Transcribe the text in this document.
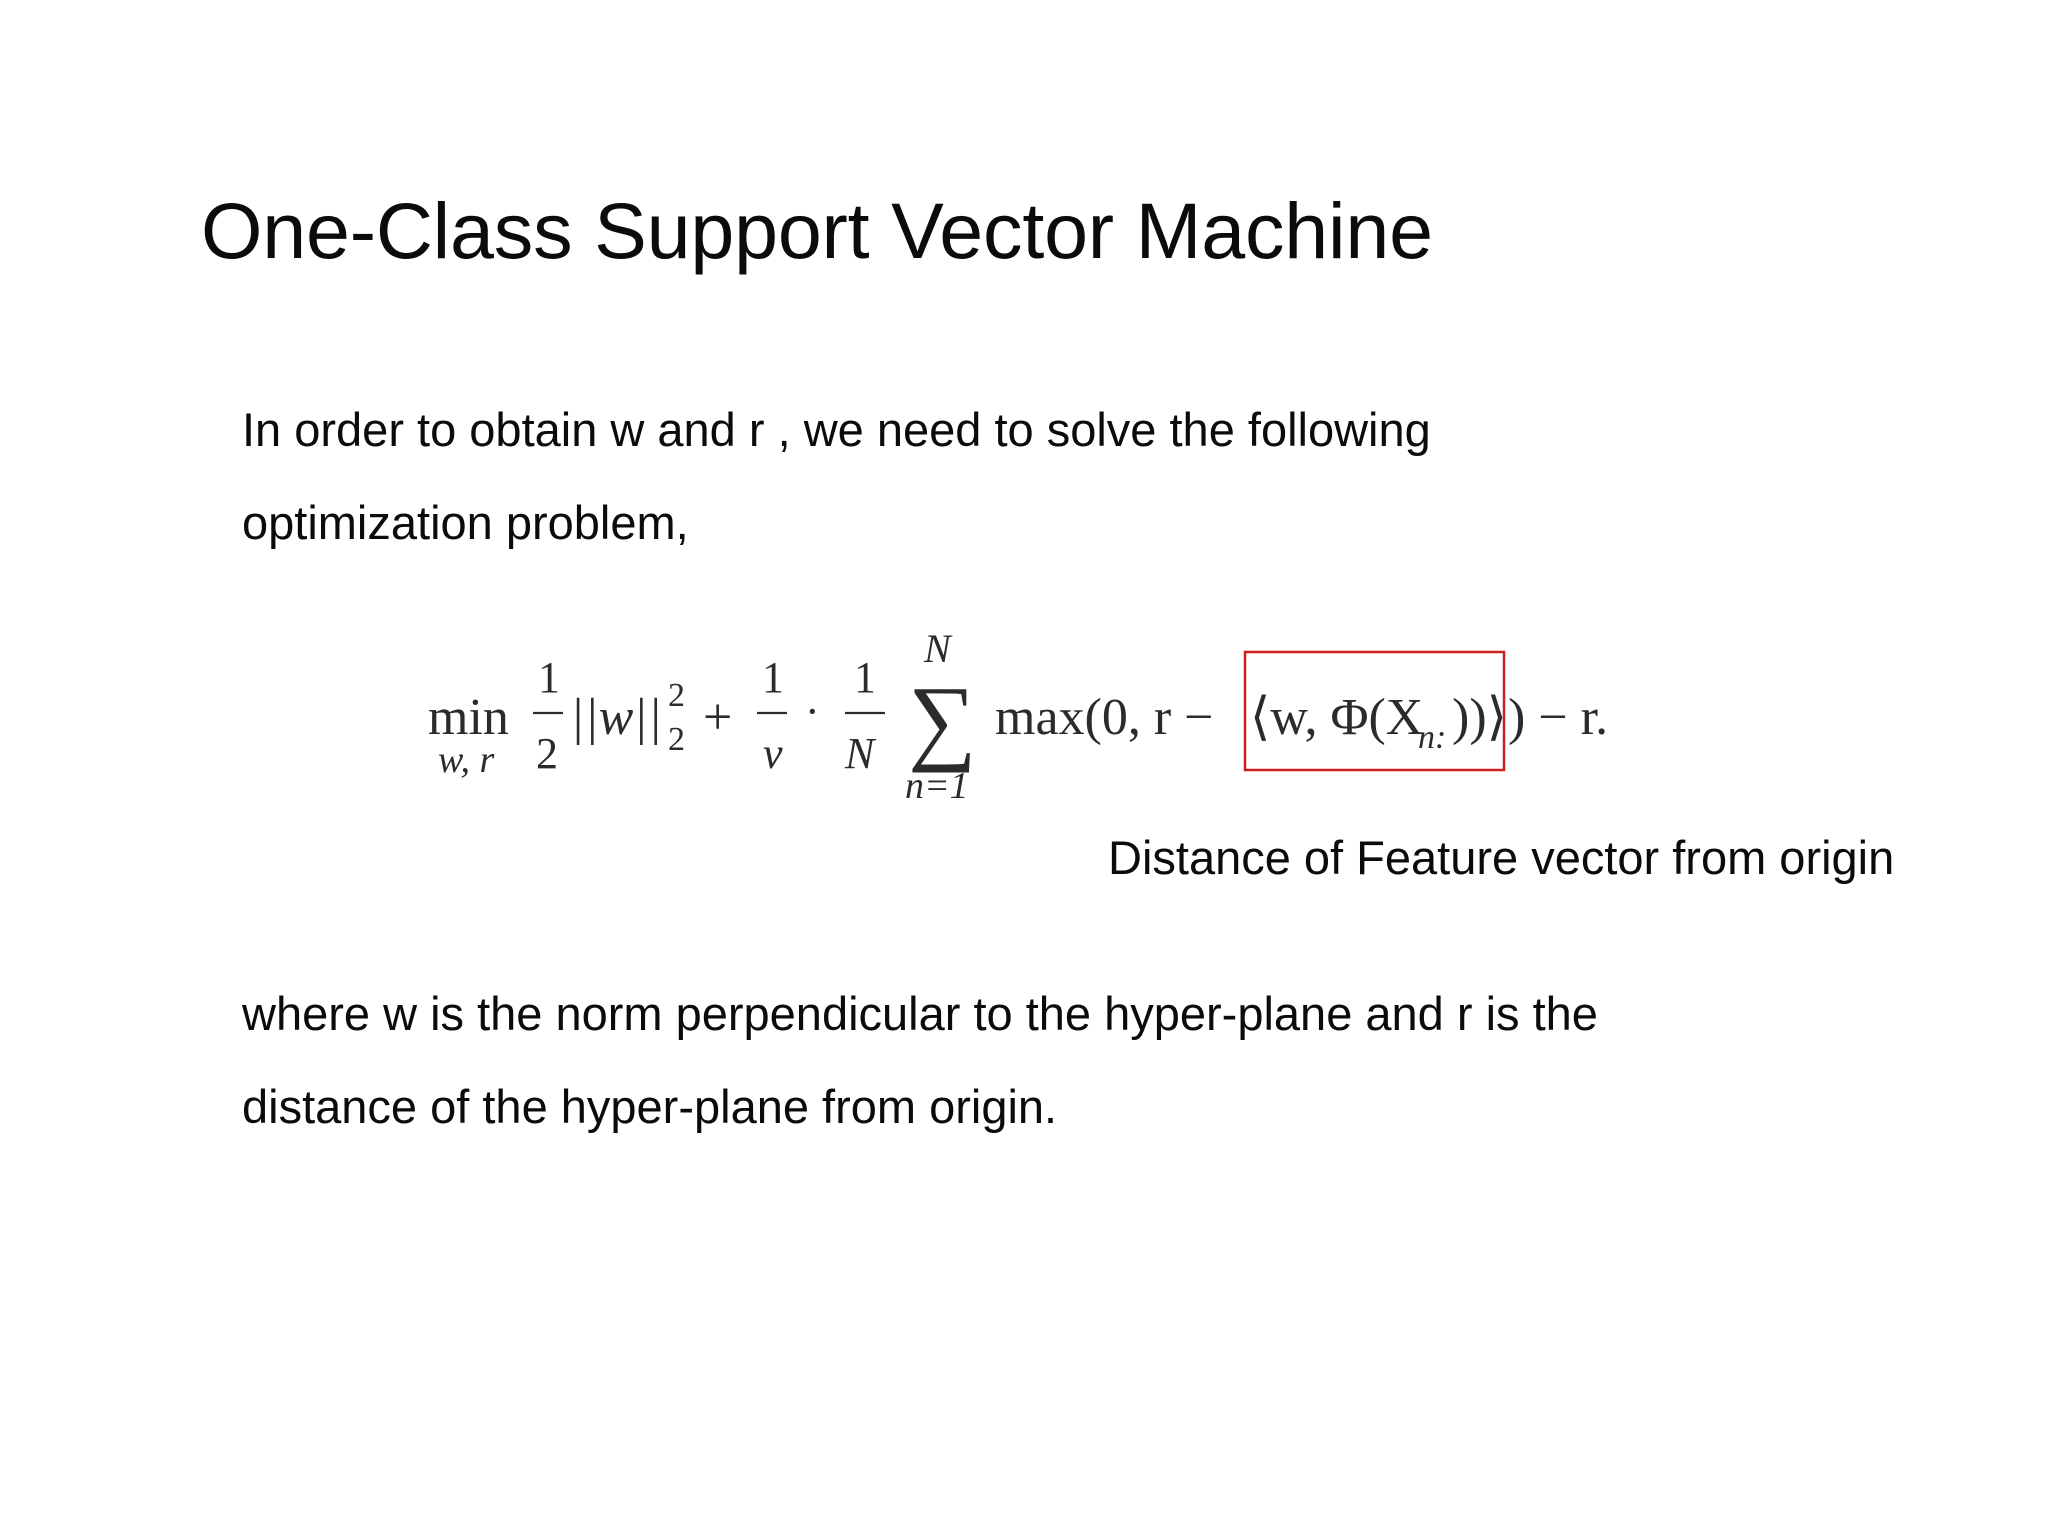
One-Class Support Vector Machine

In order to obtain w and r , we need to solve the following
optimization problem,

min
w, r
1
2
||w|| 2
2 +
1
ν
·
1
N
N
∑
n=1
max(0, r − ⟨w, Φ(X
n: ))⟩ ) − r.

Distance of Feature vector from origin

where w is the norm perpendicular to the hyper-plane and r is the
distance of the hyper-plane from origin.
